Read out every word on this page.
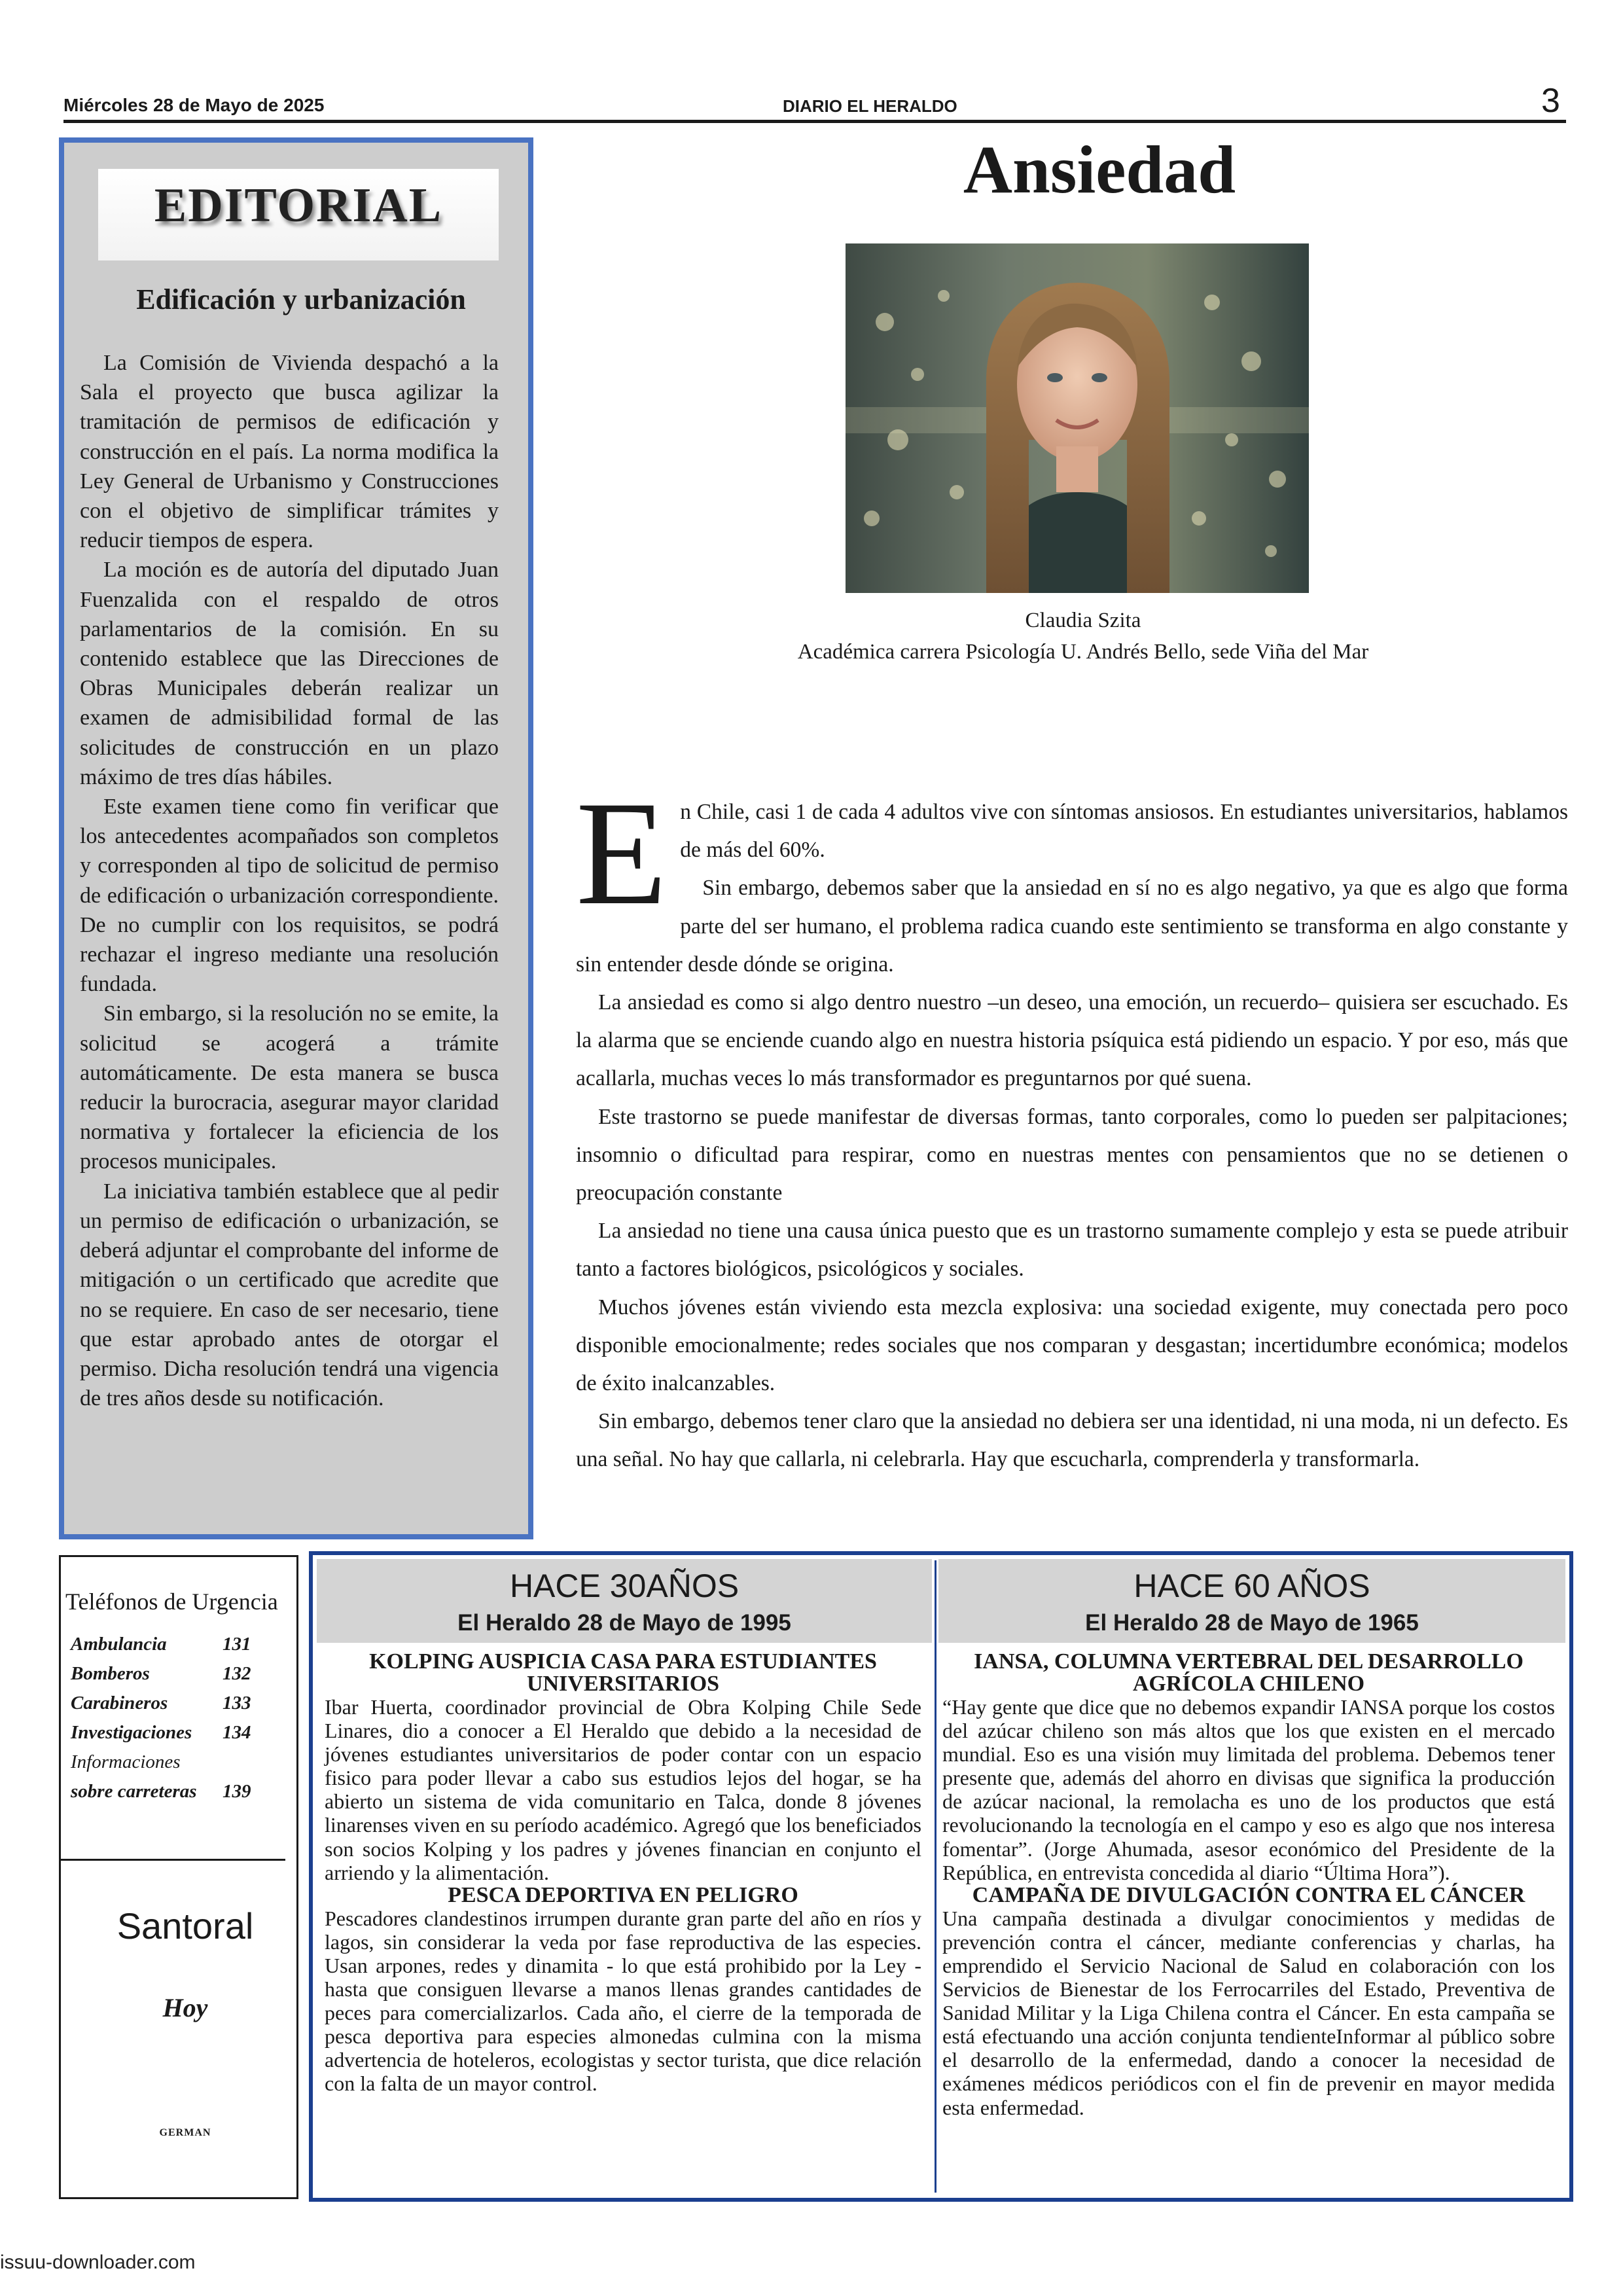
Miércoles 28 de Mayo de 2025	DIARIO EL HERALDO	3
EDITORIAL
Edificación y urbanización

La Comisión de Vivienda despachó a la Sala el proyecto que busca agilizar la tramitación de permisos de edificación y construcción en el país. La norma modifica la Ley General de Urbanismo y Construcciones con el objetivo de simplificar trámites y reducir tiempos de espera.

La moción es de autoría del diputado Juan Fuenzalida con el respaldo de otros parlamentarios de la comisión. En su contenido establece que las Direcciones de Obras Municipales deberán realizar un examen de admisibilidad formal de las solicitudes de construcción en un plazo máximo de tres días hábiles.

Este examen tiene como fin verificar que los antecedentes acompañados son completos y corresponden al tipo de solicitud de permiso de edificación o urbanización correspondiente. De no cumplir con los requisitos, se podrá rechazar el ingreso mediante una resolución fundada.

Sin embargo, si la resolución no se emite, la solicitud se acogerá a trámite automáticamente. De esta manera se busca reducir la burocracia, asegurar mayor claridad normativa y fortalecer la eficiencia de los procesos municipales.

La iniciativa también establece que al pedir un permiso de edificación o urbanización, se deberá adjuntar el comprobante del informe de mitigación o un certificado que acredite que no se requiere. En caso de ser necesario, tiene que estar aprobado antes de otorgar el permiso. Dicha resolución tendrá una vigencia de tres años desde su notificación.

Ansiedad
Claudia Szita
Académica carrera Psicología U. Andrés Bello, sede Viña del Mar

En Chile, casi 1 de cada 4 adultos vive con síntomas ansiosos. En estudiantes universitarios, hablamos de más del 60%.

Sin embargo, debemos saber que la ansiedad en sí no es algo negativo, ya que es algo que forma parte del ser humano, el problema radica cuando este sentimiento se transforma en algo constante y sin entender desde dónde se origina.

La ansiedad es como si algo dentro nuestro –un deseo, una emoción, un recuerdo– quisiera ser escuchado. Es la alarma que se enciende cuando algo en nuestra historia psíquica está pidiendo un espacio. Y por eso, más que acallarla, muchas veces lo más transformador es preguntarnos por qué suena.

Este trastorno se puede manifestar de diversas formas, tanto corporales, como lo pueden ser palpitaciones; insomnio o dificultad para respirar, como en nuestras mentes con pensamientos que no se detienen o preocupación constante

La ansiedad no tiene una causa única puesto que es un trastorno sumamente complejo y esta se puede atribuir tanto a factores biológicos, psicológicos y sociales.

Muchos jóvenes están viviendo esta mezcla explosiva: una sociedad exigente, muy conectada pero poco disponible emocionalmente; redes sociales que nos comparan y desgastan; incertidumbre económica; modelos de éxito inalcanzables.

Sin embargo, debemos tener claro que la ansiedad no debiera ser una identidad, ni una moda, ni un defecto. Es una señal. No hay que callarla, ni celebrarla. Hay que escucharla, comprenderla y transformarla.

Teléfonos de Urgencia
Ambulancia	131
Bomberos	132
Carabineros	133
Investigaciones 134
Informaciones
sobre carreteras 139
Santoral
Hoy
GERMAN
HACE 30AÑOS
El Heraldo 28 de Mayo de 1995
HACE 60 AÑOS
El Heraldo 28 de Mayo de 1965
KOLPING AUSPICIA CASA PARA ESTUDIANTES UNIVERSITARIOS

Ibar Huerta, coordinador provincial de Obra Kolping Chile Sede Linares, dio a conocer a El Heraldo que debido a la necesidad de jóvenes estudiantes universitarios de poder contar con un espacio fisico para poder llevar a cabo sus estudios lejos del hogar, se ha abierto un sistema de vida comunitario en Talca, donde 8 jóvenes linarenses viven en su período académico. Agregó que los beneficiados son socios Kolping y los padres y jóvenes financian en conjunto el arriendo y la alimentación.

PESCA DEPORTIVA EN PELIGRO

Pescadores clandestinos irrumpen durante gran parte del año en ríos y lagos, sin considerar la veda por fase reproductiva de las especies. Usan arpones, redes y dinamita - lo que está prohibido por la Ley - hasta que consiguen llevarse a manos llenas grandes cantidades de peces para comercializarlos. Cada año, el cierre de la temporada de pesca deportiva para especies almonedas culmina con la misma advertencia de hoteleros, ecologistas y sector turista, que dice relación con la falta de un mayor control.

IANSA, COLUMNA VERTEBRAL DEL DESARROLLO AGRÍCOLA CHILENO

“Hay gente que dice que no debemos expandir IANSA porque los costos del azúcar chileno son más altos que los que existen en el mercado mundial. Eso es una visión muy limitada del problema. Debemos tener presente que, además del ahorro en divisas que significa la producción de azúcar nacional, la remolacha es uno de los productos que está revolucionando la tecnología en el campo y eso es algo que nos interesa fomentar”. (Jorge Ahumada, asesor económico del Presidente de la República, en entrevista concedida al diario “Última Hora”).

CAMPAÑA DE DIVULGACIÓN CONTRA EL CÁNCER

Una campaña destinada a divulgar conocimientos y medidas de prevención contra el cáncer, mediante conferencias y charlas, ha emprendido el Servicio Nacional de Salud en colaboración con los Servicios de Bienestar de los Ferrocarriles del Estado, Preventiva de Sanidad Militar y la Liga Chilena contra el Cáncer. En esta campaña se está efectuando una acción conjunta tendienteInformar al público sobre el desarrollo de la enfermedad, dando a conocer la necesidad de exámenes médicos periódicos con el fin de prevenir en mayor medida esta enfermedad.

issuu-downloader.com
